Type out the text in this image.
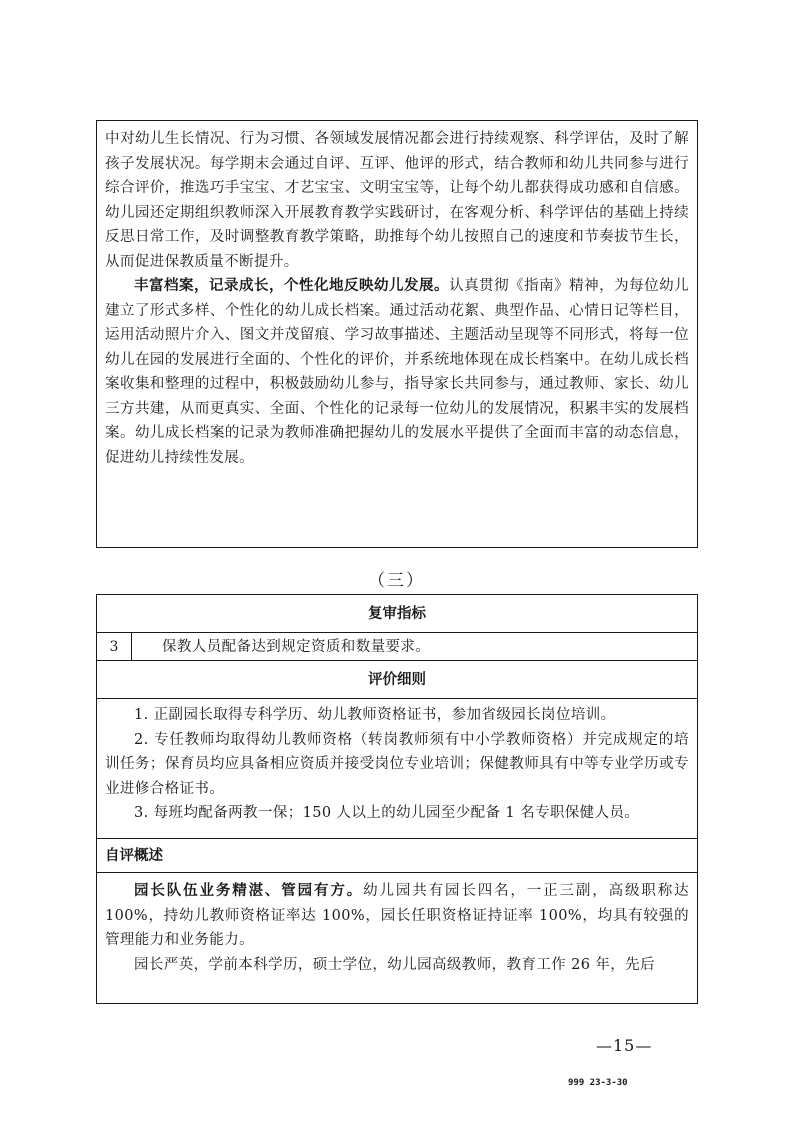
中对幼儿生长情况、行为习惯、各领域发展情况都会进行持续观察、科学评估，及时了解孩子发展状况。每学期末会通过自评、互评、他评的形式，结合教师和幼儿共同参与进行综合评价，推选巧手宝宝、才艺宝宝、文明宝宝等，让每个幼儿都获得成功感和自信感。幼儿园还定期组织教师深入开展教育教学实践研讨，在客观分析、科学评估的基础上持续反思日常工作，及时调整教育教学策略，助推每个幼儿按照自己的速度和节奏拔节生长，从而促进保教质量不断提升。

丰富档案，记录成长，个性化地反映幼儿发展。认真贯彻《指南》精神，为每位幼儿建立了形式多样、个性化的幼儿成长档案。通过活动花絮、典型作品、心情日记等栏目，运用活动照片介入、图文并茂留痕、学习故事描述、主题活动呈现等不同形式，将每一位幼儿在园的发展进行全面的、个性化的评价，并系统地体现在成长档案中。在幼儿成长档案收集和整理的过程中，积极鼓励幼儿参与，指导家长共同参与，通过教师、家长、幼儿三方共建，从而更真实、全面、个性化的记录每一位幼儿的发展情况，积累丰实的发展档案。幼儿成长档案的记录为教师准确把握幼儿的发展水平提供了全面而丰富的动态信息，促进幼儿持续性发展。

（三）
复审指标
3	保教人员配备达到规定资质和数量要求。
评价细则

1. 正副园长取得专科学历、幼儿教师资格证书，参加省级园长岗位培训。

2. 专任教师均取得幼儿教师资格（转岗教师须有中小学教师资格）并完成规定的培训任务；保育员均应具备相应资质并接受岗位专业培训；保健教师具有中等专业学历或专业进修合格证书。

3. 每班均配备两教一保；150 人以上的幼儿园至少配备 1 名专职保健人员。

自评概述

园长队伍业务精湛、管园有方。幼儿园共有园长四名，一正三副，高级职称达 100%，持幼儿教师资格证率达 100%，园长任职资格证持证率 100%，均具有较强的管理能力和业务能力。

园长严英，学前本科学历，硕士学位，幼儿园高级教师，教育工作 26 年，先后

—15—
999 23-3-30
